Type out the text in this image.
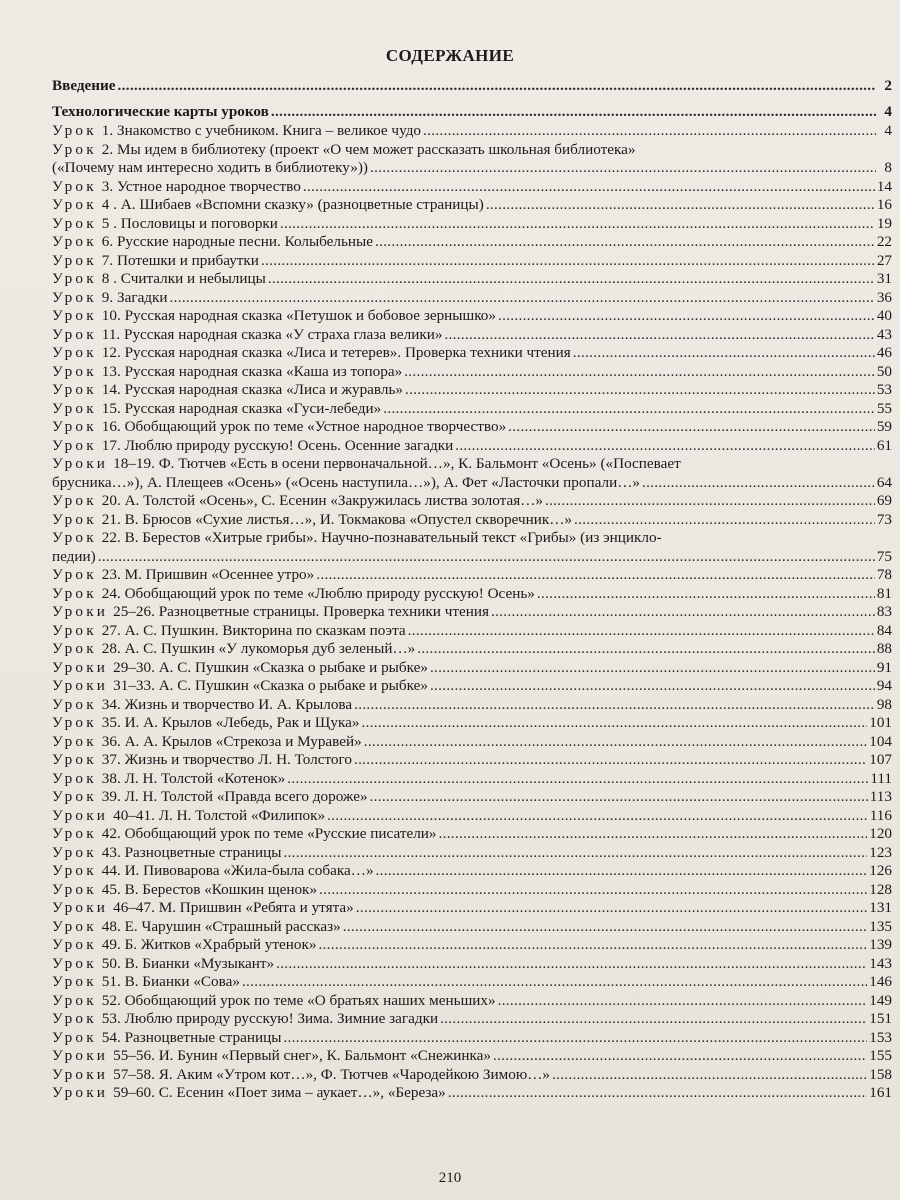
СОДЕРЖАНИЕ
Введение .....	2
Технологические карты уроков .....	4
Урок 1. Знакомство с учебником. Книга – великое чудо .....	4
Урок 2. Мы идем в библиотеку (проект «О чем может рассказать школьная библиотека»
(«Почему нам интересно ходить в библиотеку»)) .....	8
Урок 3. Устное народное творчество .....	14
Урок 4 . А. Шибаев «Вспомни сказку» (разноцветные страницы) .....	16
Урок 5 . Пословицы и поговорки .....	19
Урок 6. Русские народные песни. Колыбельные .....	22
Урок 7. Потешки и прибаутки .....	27
Урок 8 . Считалки и небылицы .....	31
Урок 9. Загадки .....	36
Урок 10. Русская народная сказка «Петушок и бобовое зернышко» .....	40
Урок 11. Русская народная сказка «У страха глаза велики» .....	43
Урок 12. Русская народная сказка «Лиса и тетерев». Проверка техники чтения .....	46
Урок 13. Русская народная сказка «Каша из топора» .....	50
Урок 14. Русская народная сказка «Лиса и журавль» .....	53
Урок 15. Русская народная сказка «Гуси-лебеди» .....	55
Урок 16. Обобщающий урок по теме «Устное народное творчество» .....	59
Урок 17. Люблю природу русскую! Осень. Осенние загадки .....	61
Уроки 18–19. Ф. Тютчев «Есть в осени первоначальной…», К. Бальмонт «Осень» («Поспевает
брусника…»), А. Плещеев «Осень» («Осень наступила…»), А. Фет «Ласточки пропали…» .....	64
Урок 20. А. Толстой «Осень», С. Есенин «Закружилась листва золотая…» .....	69
Урок 21. В. Брюсов «Сухие листья…», И. Токмакова «Опустел скворечник…» .....	73
Урок 22. В. Берестов «Хитрые грибы». Научно-познавательный текст «Грибы» (из энцикло-
педии) .....	75
Урок 23. М. Пришвин «Осеннее утро» .....	78
Урок 24. Обобщающий урок по теме «Люблю природу русскую! Осень» .....	81
Уроки 25–26. Разноцветные страницы. Проверка техники чтения .....	83
Урок 27. А. С. Пушкин. Викторина по сказкам поэта .....	84
Урок 28. А. С. Пушкин «У лукоморья дуб зеленый…» .....	88
Уроки 29–30. А. С. Пушкин «Сказка о рыбаке и рыбке» .....	91
Уроки 31–33. А. С. Пушкин «Сказка о рыбаке и рыбке» .....	94
Урок 34. Жизнь и творчество И. А. Крылова .....	98
Урок 35. И. А. Крылов «Лебедь, Рак и Щука» .....	101
Урок 36. А. А. Крылов «Стрекоза и Муравей» .....	104
Урок 37. Жизнь и творчество Л. Н. Толстого .....	107
Урок 38. Л. Н. Толстой «Котенок» .....	111
Урок 39. Л. Н. Толстой «Правда всего дороже» .....	113
Уроки 40–41. Л. Н. Толстой «Филипок» .....	116
Урок 42. Обобщающий урок по теме «Русские писатели» .....	120
Урок 43. Разноцветные страницы .....	123
Урок 44. И. Пивоварова «Жила-была собака…» .....	126
Урок 45. В. Берестов «Кошкин щенок» .....	128
Уроки 46–47. М. Пришвин «Ребята и утята» .....	131
Урок 48. Е. Чарушин «Страшный рассказ» .....	135
Урок 49. Б. Житков «Храбрый утенок» .....	139
Урок 50. В. Бианки «Музыкант» .....	143
Урок 51. В. Бианки «Сова» .....	146
Урок 52. Обобщающий урок по теме «О братьях наших меньших» .....	149
Урок 53. Люблю природу русскую! Зима. Зимние загадки .....	151
Урок 54. Разноцветные страницы .....	153
Уроки 55–56. И. Бунин «Первый снег», К. Бальмонт «Снежинка» .....	155
Уроки 57–58. Я. Аким «Утром кот…», Ф. Тютчев «Чародейкою Зимою…» .....	158
Уроки 59–60. С. Есенин «Поет зима – аукает…», «Береза» .....	161
210
